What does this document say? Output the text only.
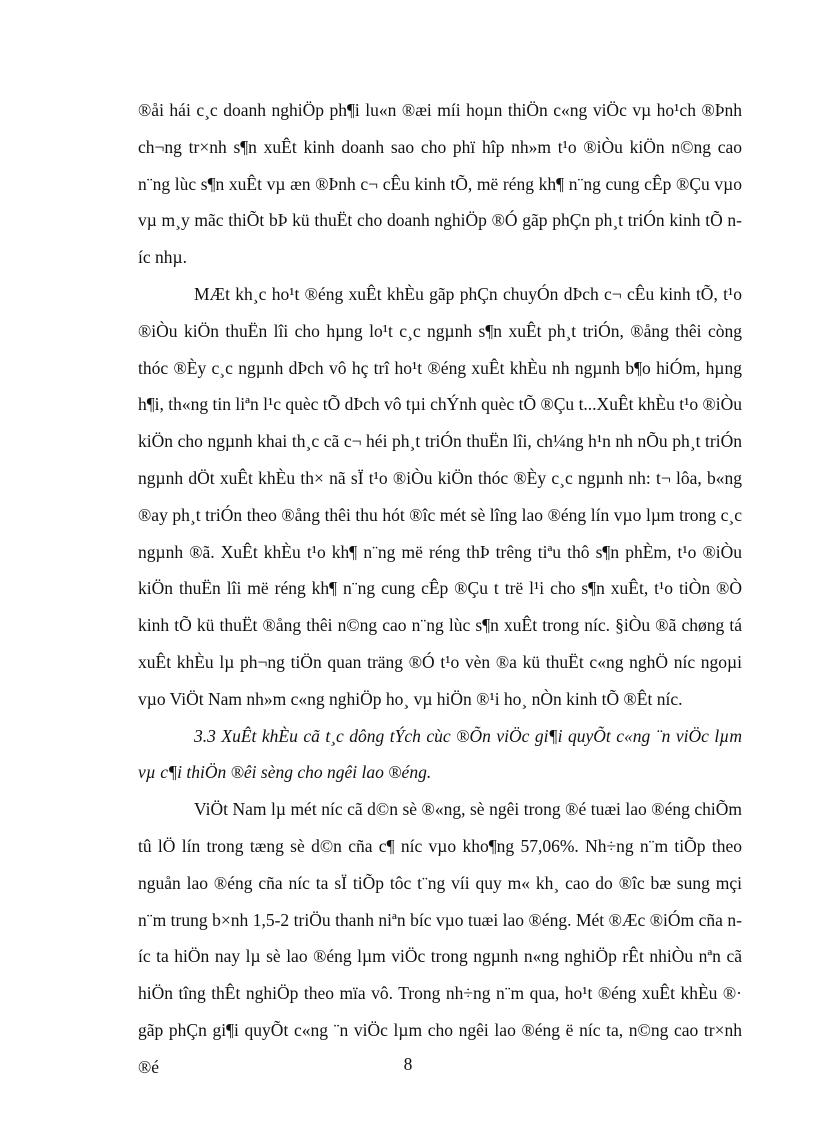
®åi hái c¸c doanh nghiÖp ph¶i lu«n ®æi míi hoµn thiÖn c«ng viÖc vµ ho¹ch ®Þnh ch¬ng tr×nh s¶n xuÊt kinh doanh sao cho phï hîp nh»m t¹o ®iÒu kiÖn n©ng cao n¨ng lùc s¶n xuÊt vµ æn ®Þnh c¬ cÊu kinh tÕ, më réng kh¶ n¨ng cung cÊp ®Çu vµo vµ m¸y mãc thiÕt bÞ kü thuËt cho doanh nghiÖp ®Ó gãp phÇn ph¸t triÓn kinh tÕ níc nhµ.

MÆt kh¸c ho¹t ®éng xuÊt khÈu gãp phÇn chuyÓn dÞch c¬ cÊu kinh tÕ, t¹o ®iÒu kiÖn thuËn lîi cho hµng lo¹t c¸c ngµnh s¶n xuÊt ph¸t triÓn, ®ång thêi còng thóc ®Èy c¸c ngµnh dÞch vô hç trî ho¹t ®éng xuÊt khÈu nh ngµnh b¶o hiÓm, hµng h¶i, th«ng tin liªn l¹c quèc tÕ dÞch vô tµi chÝnh quèc tÕ ®Çu t...XuÊt khÈu t¹o ®iÒu kiÖn cho ngµnh khai th¸c cã c¬ héi ph¸t triÓn thuËn lîi, ch¼ng h¹n nh nÕu ph¸t triÓn ngµnh dÖt xuÊt khÈu th× nã sÏ t¹o ®iÒu kiÖn thóc ®Èy c¸c ngµnh nh: t¬ lôa, b«ng ®ay ph¸t triÓn theo ®ång thêi thu hót ®îc mét sè lîng lao ®éng lín vµo lµm trong c¸c ngµnh ®ã. XuÊt khÈu t¹o kh¶ n¨ng më réng thÞ trêng tiªu thô s¶n phÈm, t¹o ®iÒu kiÖn thuËn lîi më réng kh¶ n¨ng cung cÊp ®Çu t trë l¹i cho s¶n xuÊt, t¹o tiÒn ®Ò kinh tÕ kü thuËt ®ång thêi n©ng cao n¨ng lùc s¶n xuÊt trong níc. §iÒu ®ã chøng tá xuÊt khÈu lµ ph¬ng tiÖn quan träng ®Ó t¹o vèn ®a kü thuËt c«ng nghÖ níc ngoµi vµo ViÖt Nam nh»m c«ng nghiÖp ho¸ vµ hiÖn ®¹i ho¸ nÒn kinh tÕ ®Êt níc.

3.3 XuÊt khÈu cã t¸c dông tÝch cùc ®Õn viÖc gi¶i quyÕt c«ng ¨n viÖc lµm vµ c¶i thiÖn ®êi sèng cho ngêi lao ®éng.

ViÖt Nam lµ mét níc cã d©n sè ®«ng, sè ngêi trong ®é tuæi lao ®éng chiÕm tû lÖ lín trong tæng sè d©n cña c¶ níc vµo kho¶ng 57,06%. Nh÷ng n¨m tiÕp theo nguån lao ®éng cña níc ta sÏ tiÕp tôc t¨ng víi quy m« kh¸ cao do ®îc bæ sung mçi n¨m trung b×nh 1,5-2 triÖu thanh niªn bíc vµo tuæi lao ®éng. Mét ®Æc ®iÓm cña níc ta hiÖn nay lµ sè lao ®éng lµm viÖc trong ngµnh n«ng nghiÖp rÊt nhiÒu nªn cã hiÖn tîng thÊt nghiÖp theo mïa vô. Trong nh÷ng n¨m qua, ho¹t ®éng xuÊt khÈu ®· gãp phÇn gi¶i quyÕt c«ng ¨n viÖc lµm cho ngêi lao ®éng ë níc ta, n©ng cao tr×nh ®é	8
